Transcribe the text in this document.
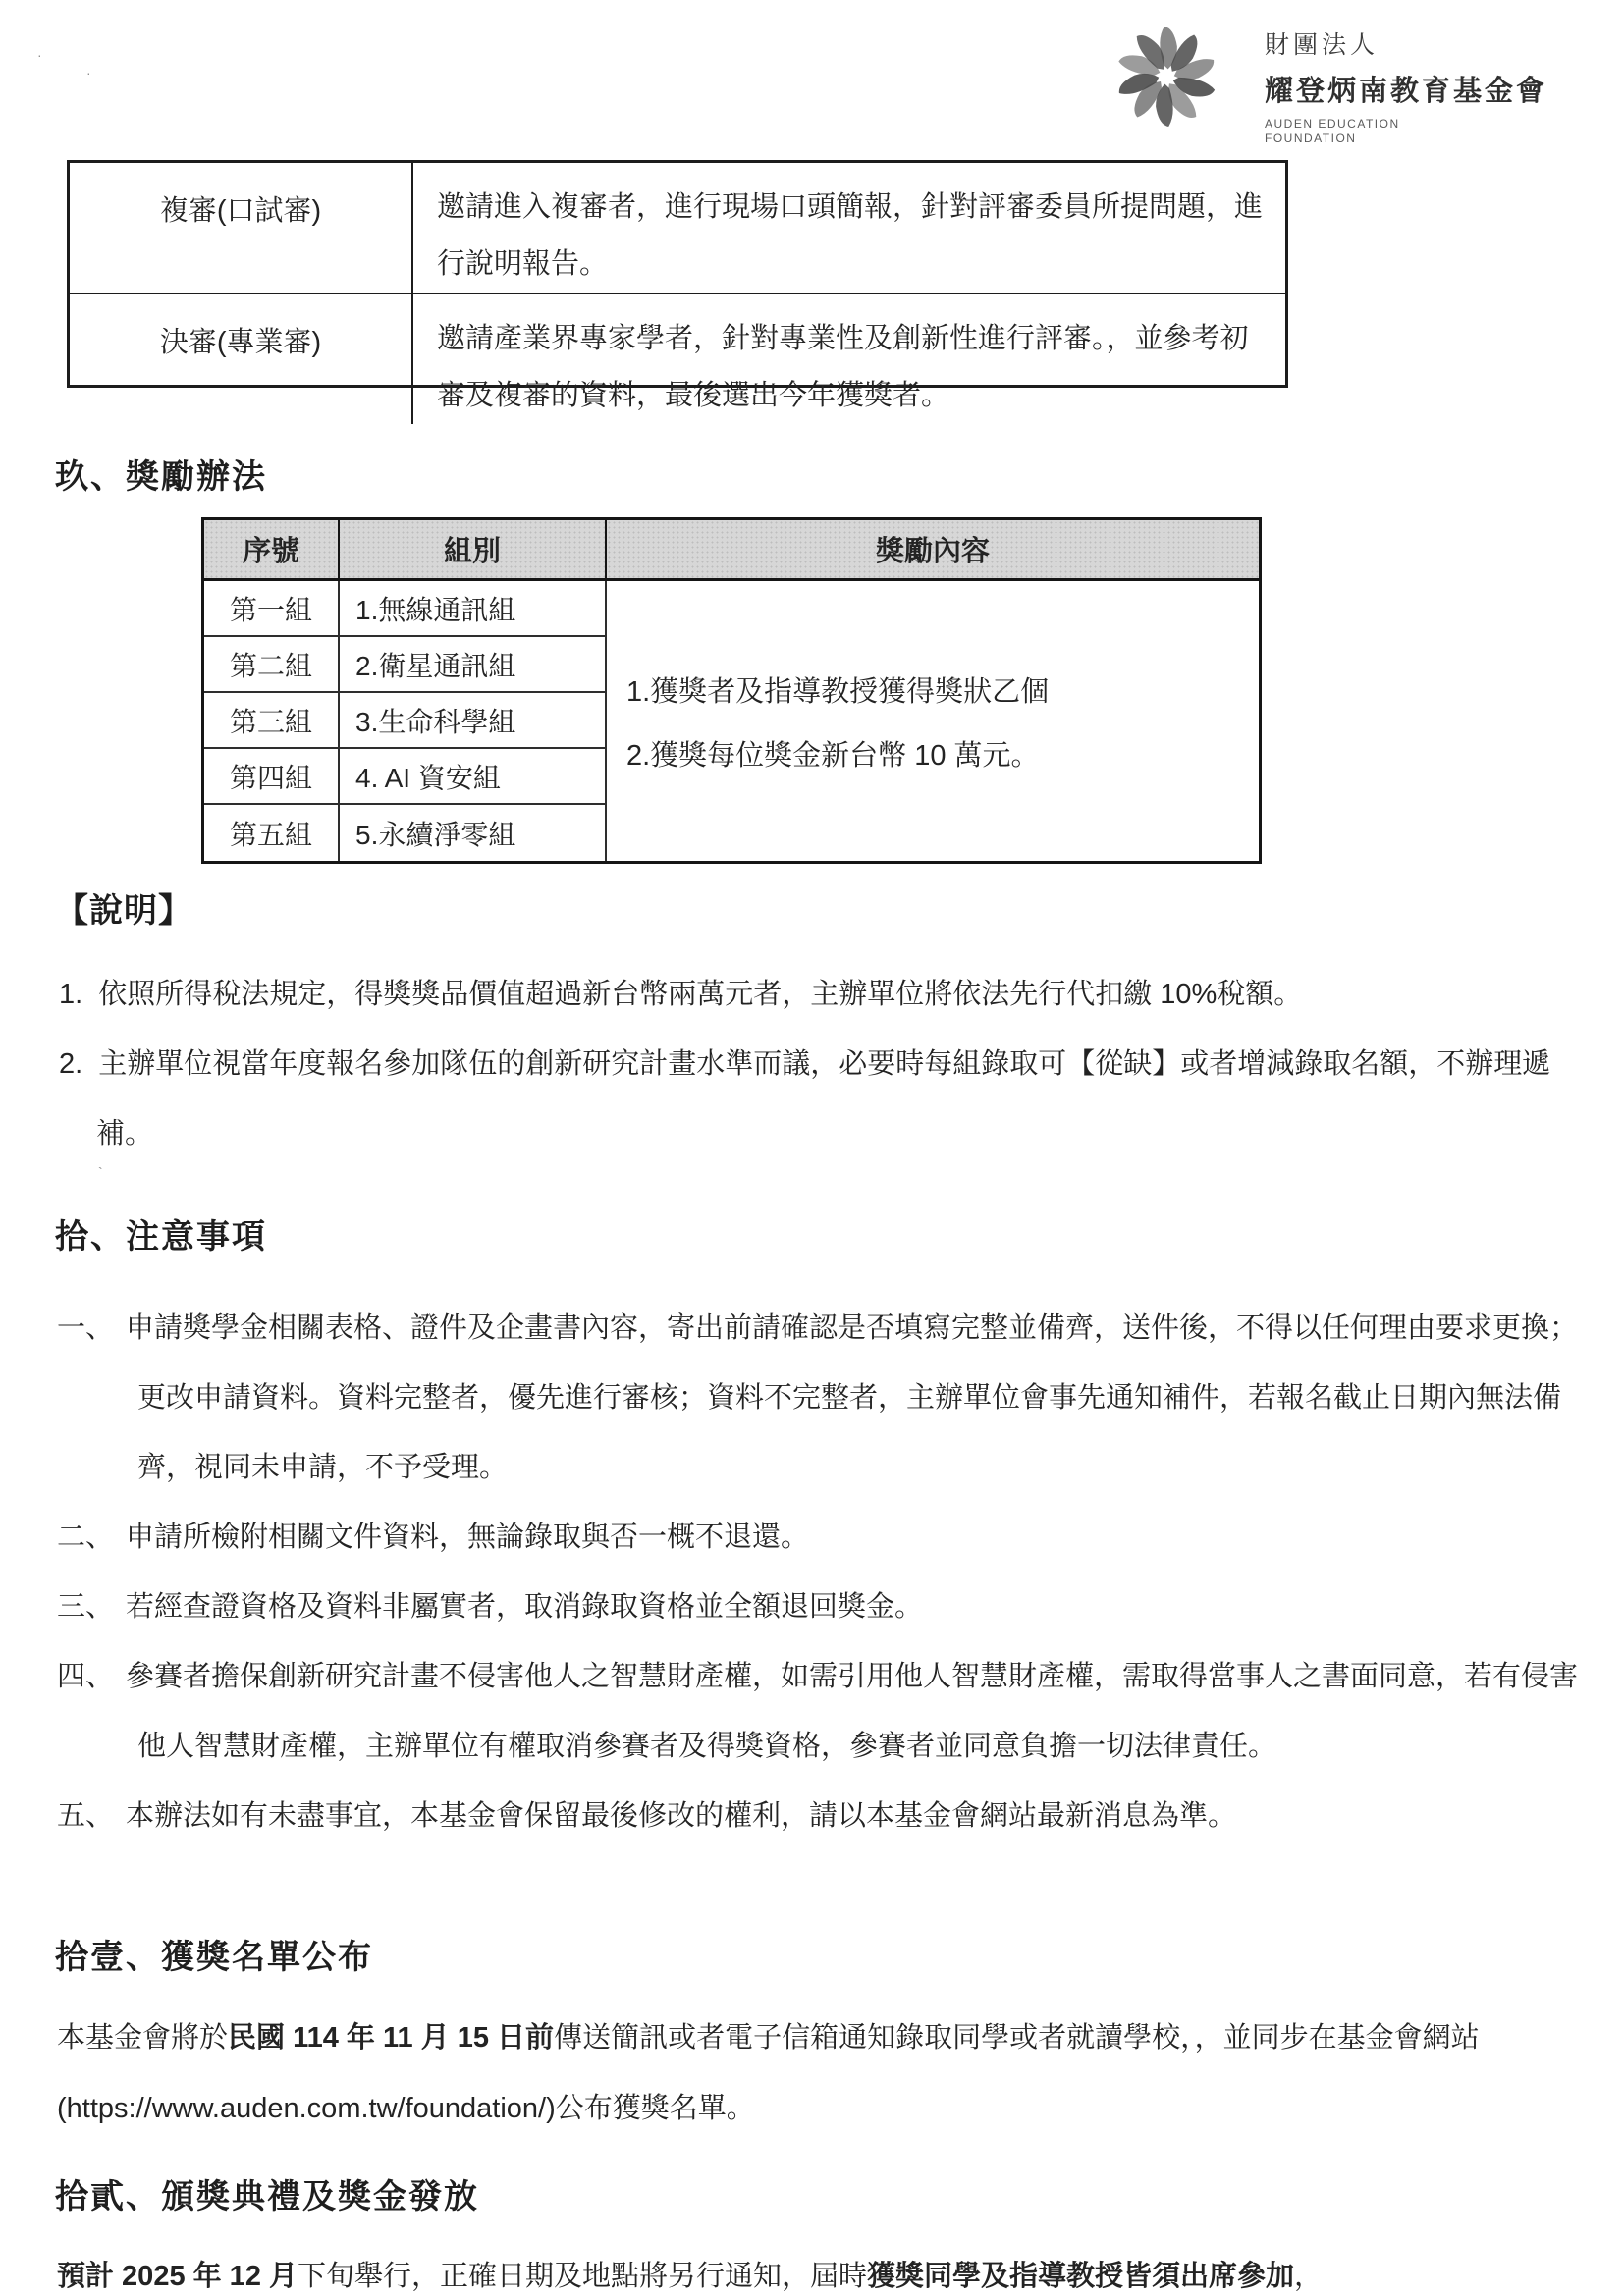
·
·
`
財團法人
耀登炳南教育基金會
AUDEN EDUCATION
FOUNDATION
複審(口試審)	邀請進入複審者，進行現場口頭簡報，針對評審委員所提問題，進行說明報告。
決審(專業審)	邀請產業界專家學者，針對專業性及創新性進行評審。，並參考初審及複審的資料，最後選出今年獲獎者。
玖、獎勵辦法
序號	組別	獎勵內容
第一組	1.無線通訊組
第二組	2.衛星通訊組
第三組	3.生命科學組
第四組	4. AI 資安組
第五組	5.永續淨零組
1.獲獎者及指導教授獲得獎狀乙個
2.獲獎每位獎金新台幣 10 萬元。
【說明】
1. 依照所得稅法規定，得獎獎品價值超過新台幣兩萬元者，主辦單位將依法先行代扣繳 10%稅額。
2. 主辦單位視當年度報名參加隊伍的創新研究計畫水準而議，必要時每組錄取可【從缺】或者增減錄取名額，不辦理遞補。
拾、注意事項
一、 申請獎學金相關表格、證件及企畫書內容，寄出前請確認是否填寫完整並備齊，送件後，不得以任何理由要求更換；更改申請資料。資料完整者，優先進行審核；資料不完整者，主辦單位會事先通知補件，若報名截止日期內無法備齊，視同未申請，不予受理。
二、 申請所檢附相關文件資料，無論錄取與否一概不退還。
三、 若經查證資格及資料非屬實者，取消錄取資格並全額退回獎金。
四、 參賽者擔保創新研究計畫不侵害他人之智慧財產權，如需引用他人智慧財產權，需取得當事人之書面同意，若有侵害他人智慧財產權，主辦單位有權取消參賽者及得獎資格，參賽者並同意負擔一切法律責任。
五、 本辦法如有未盡事宜，本基金會保留最後修改的權利，請以本基金會網站最新消息為準。
拾壹、獲獎名單公布
本基金會將於民國 114 年 11 月 15 日前傳送簡訊或者電子信箱通知錄取同學或者就讀學校，，並同步在基金會網站(https://www.auden.com.tw/foundation/)公布獲獎名單。
拾貳、頒獎典禮及獎金發放
預計 2025 年 12 月下旬舉行，正確日期及地點將另行通知，屆時獲獎同學及指導教授皆須出席參加，
